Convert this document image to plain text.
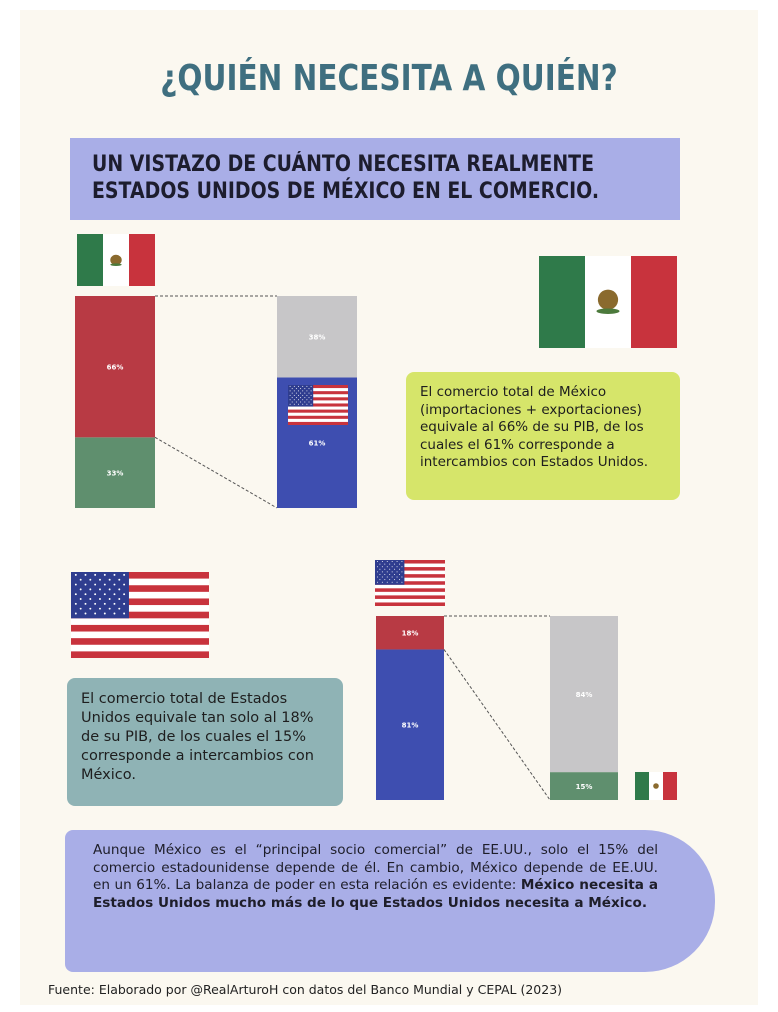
¿QUIÉN NECESITA A QUIÉN?
UN VISTAZO DE CUÁNTO NECESITA REALMENTE ESTADOS UNIDOS DE MÉXICO EN EL COMERCIO.
33%
66%
61%
38%
81%
18%
15%
84%

El comercio total de México (importaciones + exportaciones) equivale al 66% de su PIB, de los cuales el 61% corresponde a intercambios con Estados Unidos.

El comercio total de Estados Unidos equivale tan solo al 18% de su PIB, de los cuales el 15% corresponde a intercambios con México.

Aunque México es el “principal socio comercial” de EE.UU., solo el 15% del comercio estadounidense depende de él. En cambio, México depende de EE.UU. en un 61%. La balanza de poder en esta relación es evidente: México necesita a Estados Unidos mucho más de lo que Estados Unidos necesita a México.

Fuente: Elaborado por @RealArturoH con datos del Banco Mundial y CEPAL (2023)
